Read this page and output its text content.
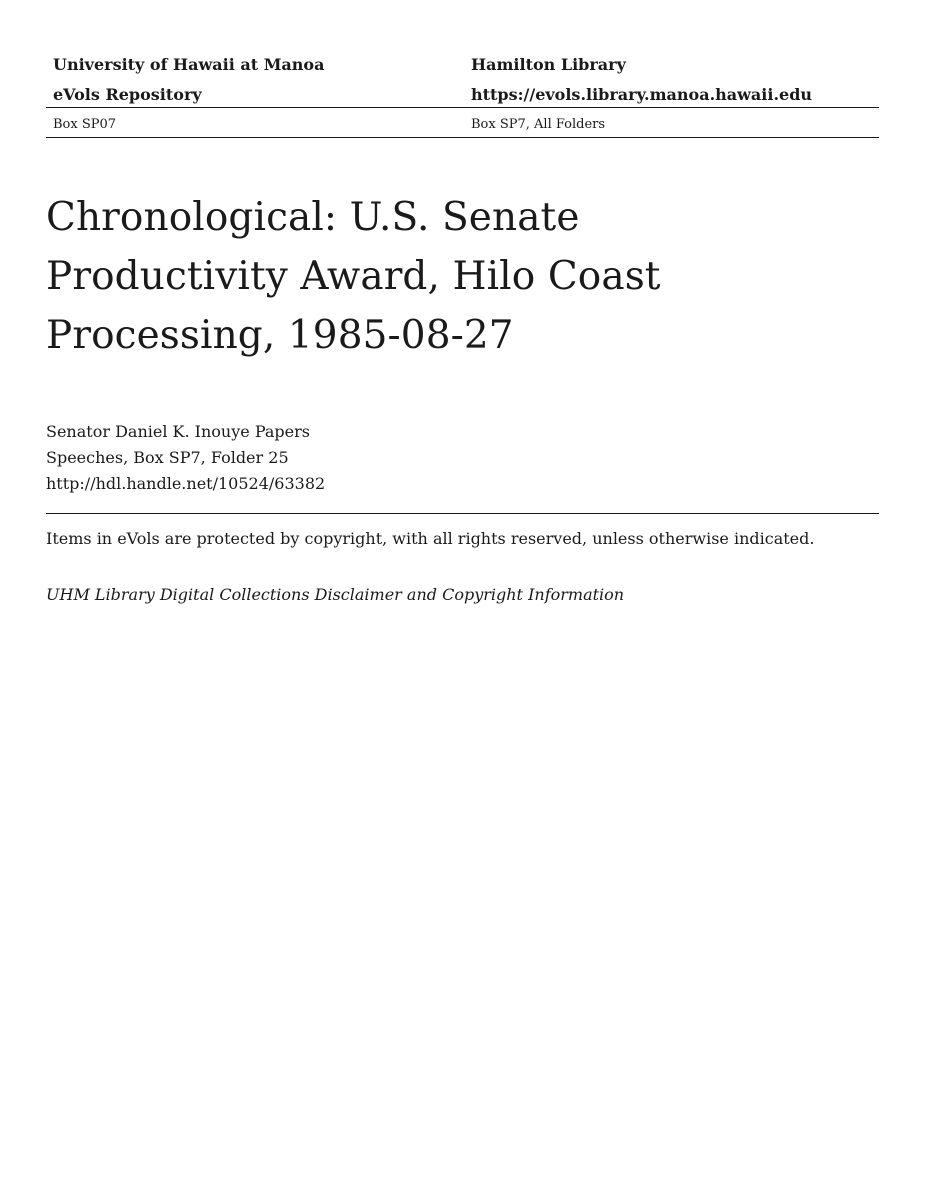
University of Hawaii at Manoa	Hamilton Library
eVols Repository	https://evols.library.manoa.hawaii.edu
Box SP07	Box SP7, All Folders
Chronological: U.S. Senate
Productivity Award, Hilo Coast
Processing, 1985-08-27
Senator Daniel K. Inouye Papers
Speeches, Box SP7, Folder 25
http://hdl.handle.net/10524/63382
Items in eVols are protected by copyright, with all rights reserved, unless otherwise indicated.
UHM Library Digital Collections Disclaimer and Copyright Information
